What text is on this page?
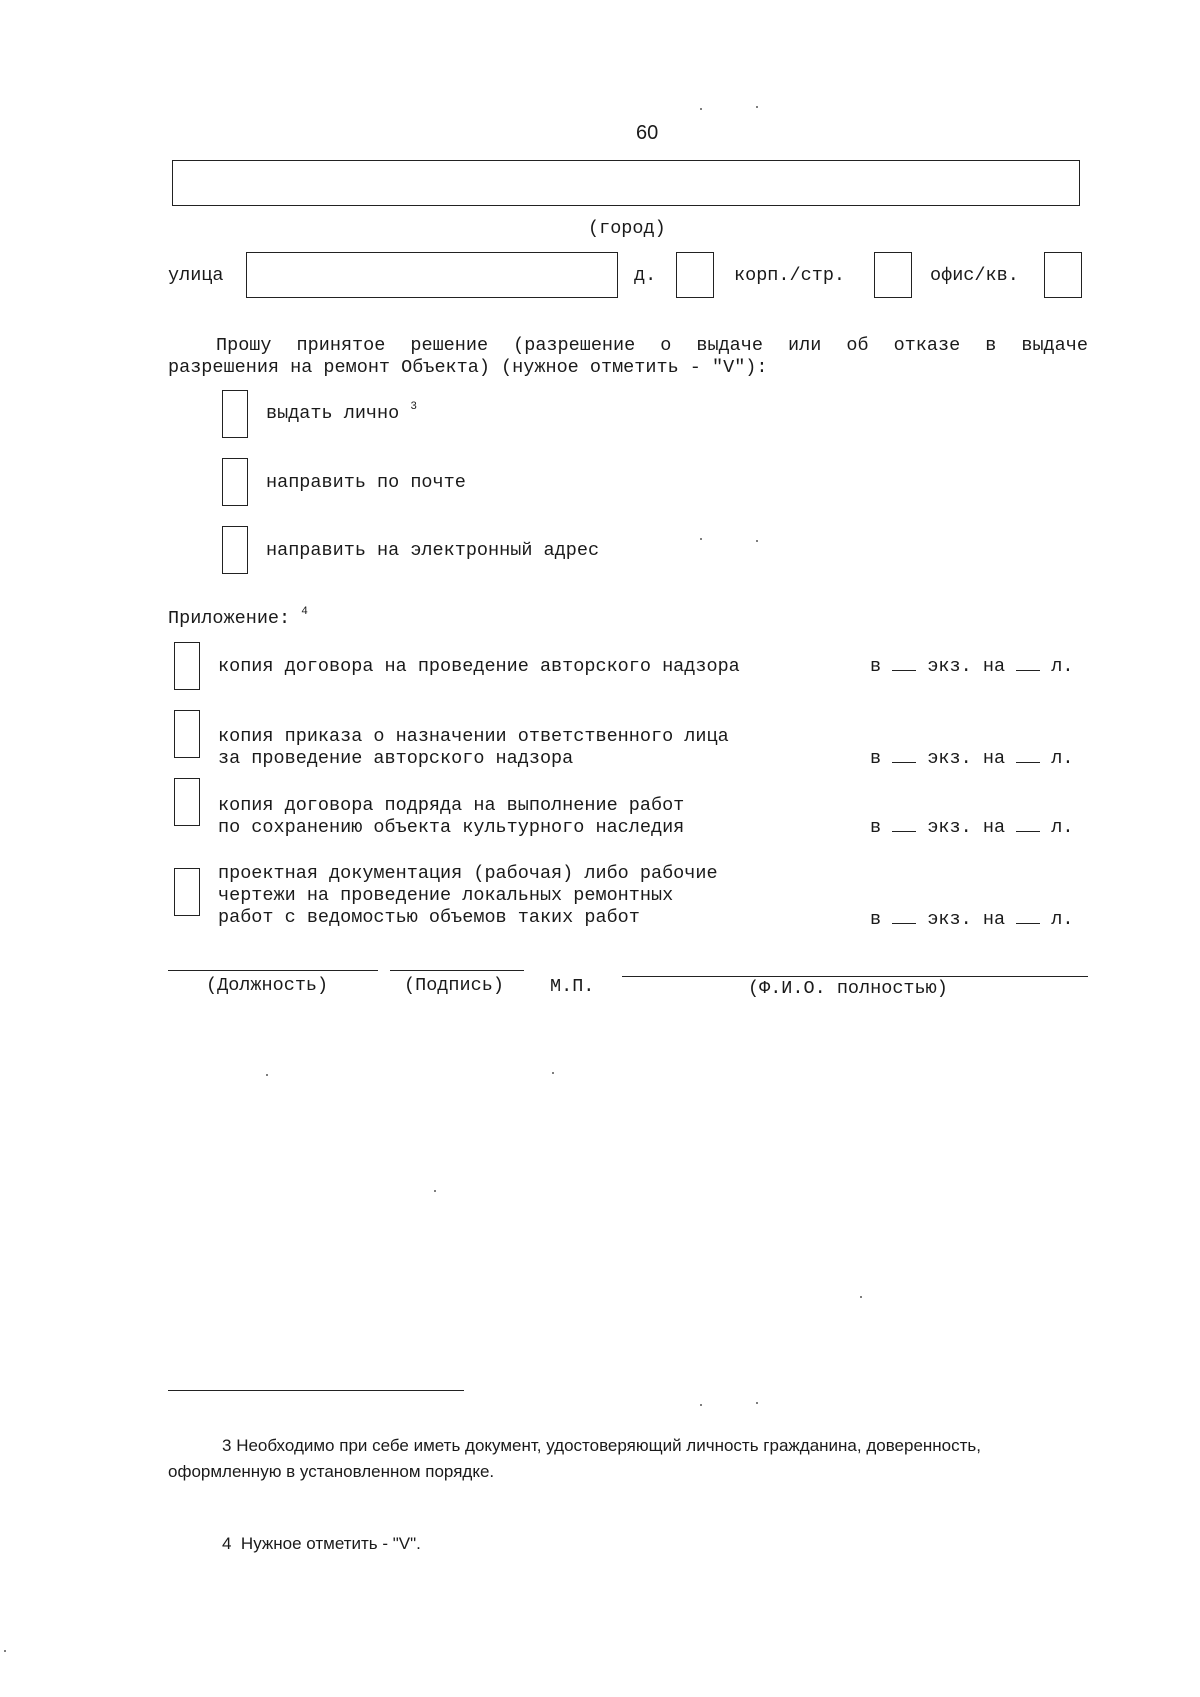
60
(город)
улица	д.	корп./стр.	офис/кв.
Прошу принятое решение (разрешение о выдаче или об отказе в выдаче
разрешения на ремонт Объекта) (нужное отметить - "V"):
выдать лично $^3$
направить по почте
направить на электронный адрес
Приложение: $^4$
копия договора на проведение авторского надзора	в экз. на л.
копия приказа о назначении ответственного лица
за проведение авторского надзора	в экз. на л.
копия договора подряда на выполнение работ
по сохранению объекта культурного наследия	в экз. на л.
проектная документация (рабочая) либо рабочие
чертежи на проведение локальных ремонтных
работ с ведомостью объемов таких работ	в экз. на л.
(Должность)	(Подпись) М.П.	(Ф.И.О. полностью)
3 Необходимо при себе иметь документ, удостоверяющий личность гражданина, доверенность,
оформленную в установленном порядке.
4 Нужное отметить - "V".
